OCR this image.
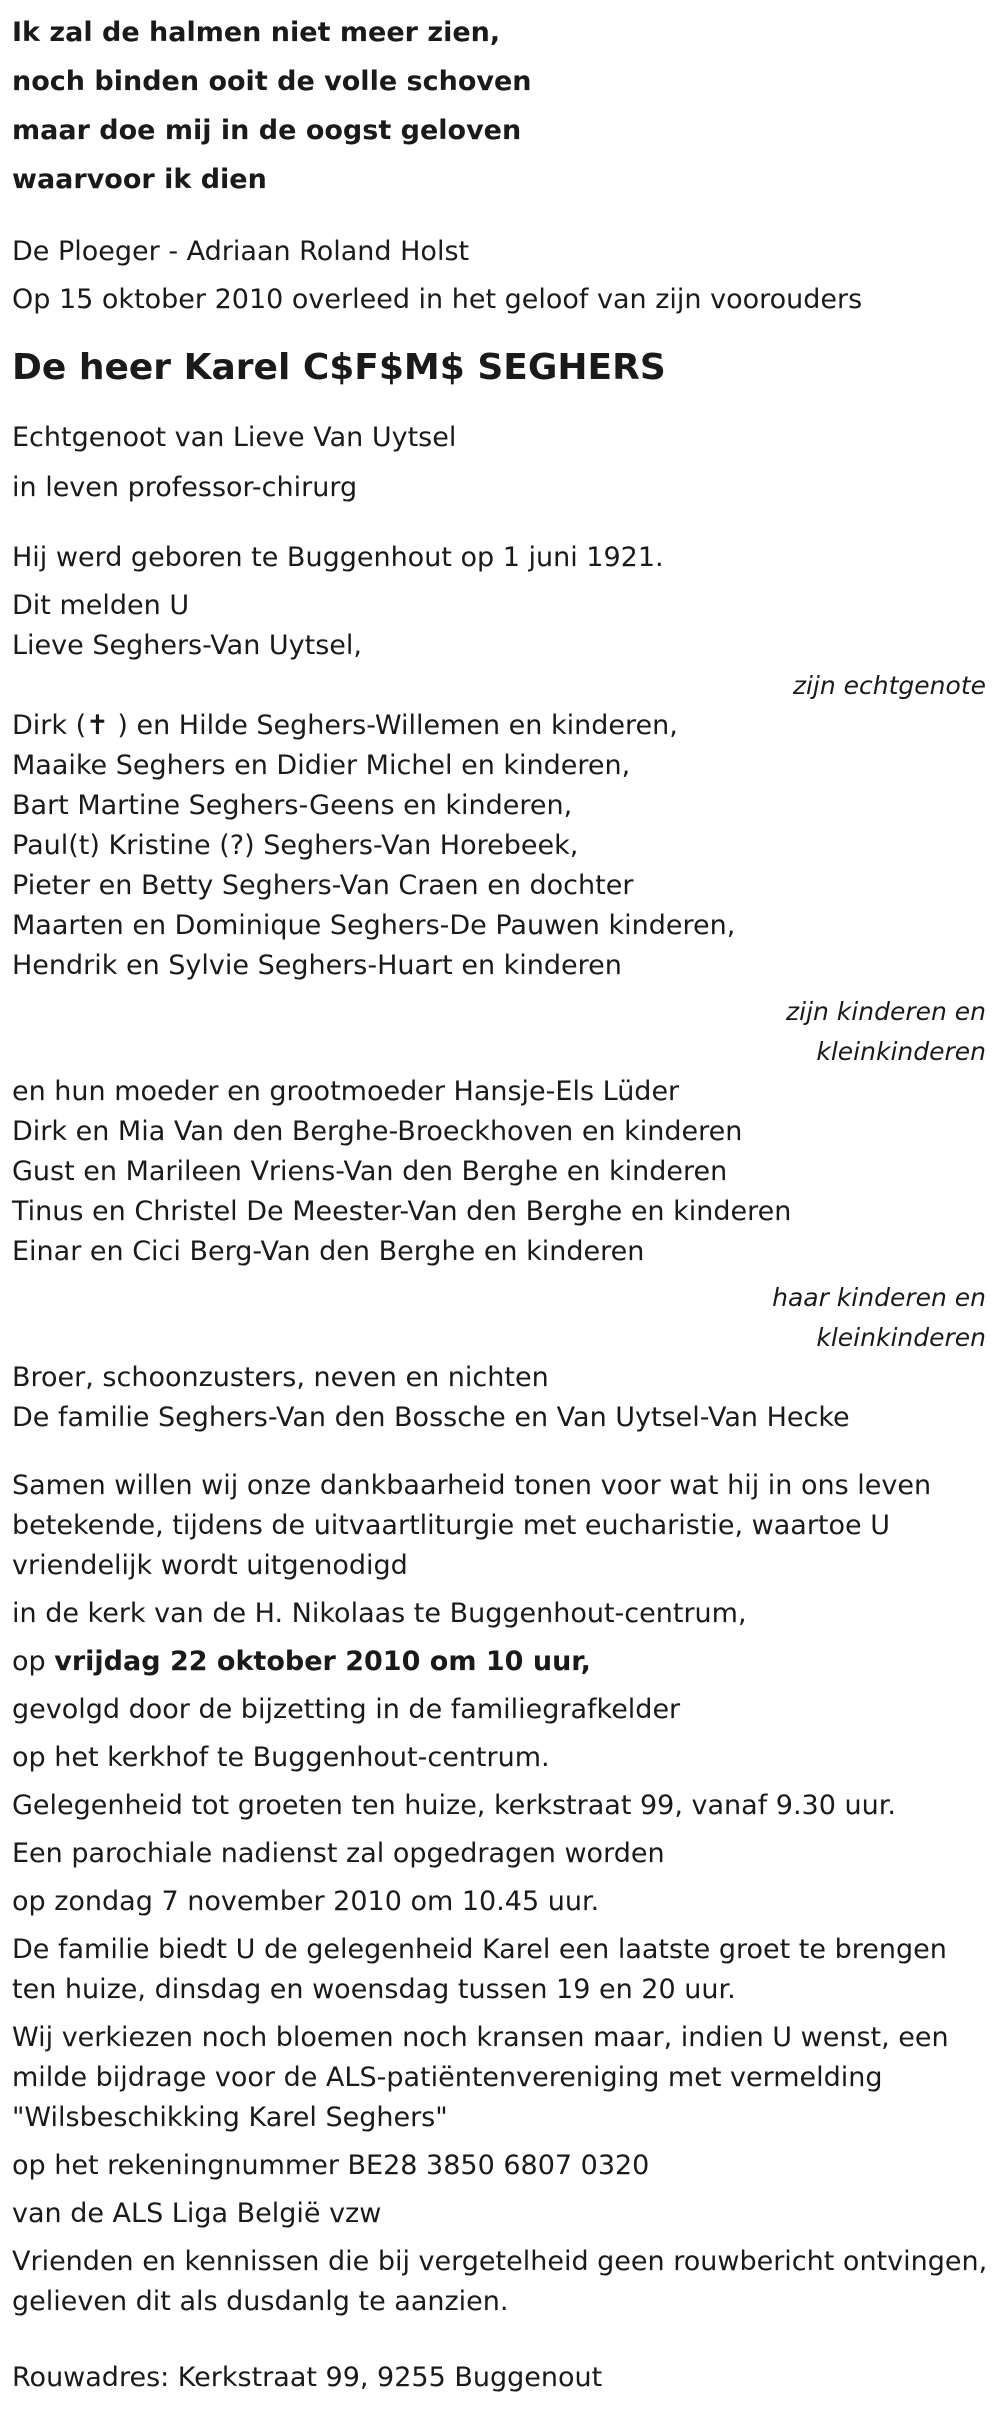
Ik zal de halmen niet meer zien,

noch binden ooit de volle schoven

maar doe mij in de oogst geloven

waarvoor ik dien

De Ploeger - Adriaan Roland Holst

Op 15 oktober 2010 overleed in het geloof van zijn voorouders

De heer Karel C$F$M$ SEGHERS

Echtgenoot van Lieve Van Uytsel

in leven professor-chirurg

Hij werd geboren te Buggenhout op 1 juni 1921.

Dit melden U

Lieve Seghers-Van Uytsel,

zijn echtgenote

Dirk (✝ ) en Hilde Seghers-Willemen en kinderen,

Maaike Seghers en Didier Michel en kinderen,

Bart Martine Seghers-Geens en kinderen,

Paul(t) Kristine (?) Seghers-Van Horebeek,

Pieter en Betty Seghers-Van Craen en dochter

Maarten en Dominique Seghers-De Pauwen kinderen,

Hendrik en Sylvie Seghers-Huart en kinderen

zijn kinderen en

kleinkinderen

en hun moeder en grootmoeder Hansje-Els Lüder

Dirk en Mia Van den Berghe-Broeckhoven en kinderen

Gust en Marileen Vriens-Van den Berghe en kinderen

Tinus en Christel De Meester-Van den Berghe en kinderen

Einar en Cici Berg-Van den Berghe en kinderen

haar kinderen en

kleinkinderen

Broer, schoonzusters, neven en nichten

De familie Seghers-Van den Bossche en Van Uytsel-Van Hecke

Samen willen wij onze dankbaarheid tonen voor wat hij in ons leven betekende, tijdens de uitvaartliturgie met eucharistie, waartoe U vriendelijk wordt uitgenodigd

in de kerk van de H. Nikolaas te Buggenhout-centrum,

op vrijdag 22 oktober 2010 om 10 uur,

gevolgd door de bijzetting in de familiegrafkelder

op het kerkhof te Buggenhout-centrum.

Gelegenheid tot groeten ten huize, kerkstraat 99, vanaf 9.30 uur.

Een parochiale nadienst zal opgedragen worden

op zondag 7 november 2010 om 10.45 uur.

De familie biedt U de gelegenheid Karel een laatste groet te brengen ten huize, dinsdag en woensdag tussen 19 en 20 uur.

Wij verkiezen noch bloemen noch kransen maar, indien U wenst, een milde bijdrage voor de ALS-patiëntenvereniging met vermelding "Wilsbeschikking Karel Seghers"

op het rekeningnummer BE28 3850 6807 0320

van de ALS Liga België vzw

Vrienden en kennissen die bij vergetelheid geen rouwbericht ontvingen, gelieven dit als dusdanlg te aanzien.

Rouwadres: Kerkstraat 99, 9255 Buggenout
